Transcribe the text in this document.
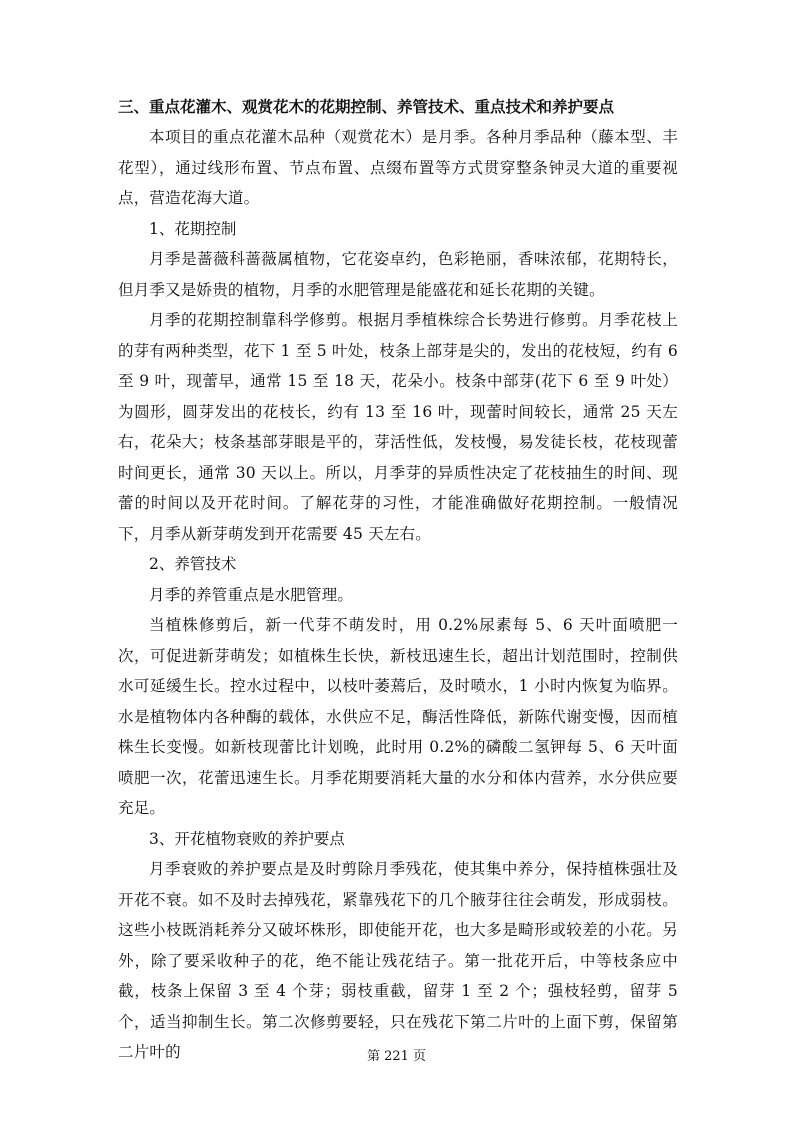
三、重点花灌木、观赏花木的花期控制、养管技术、重点技术和养护要点

本项目的重点花灌木品种（观赏花木）是月季。各种月季品种（藤本型、丰花型），通过线形布置、节点布置、点缀布置等方式贯穿整条钟灵大道的重要视点，营造花海大道。

1、花期控制

月季是蔷薇科蔷薇属植物，它花姿卓约，色彩艳丽，香味浓郁，花期特长，但月季又是娇贵的植物，月季的水肥管理是能盛花和延长花期的关键。

月季的花期控制靠科学修剪。根据月季植株综合长势进行修剪。月季花枝上的芽有两种类型，花下 1 至 5 叶处，枝条上部芽是尖的，发出的花枝短，约有 6 至 9 叶，现蕾早，通常 15 至 18 天，花朵小。枝条中部芽(花下 6 至 9 叶处）为圆形，圆芽发出的花枝长，约有 13 至 16 叶，现蕾时间较长，通常 25 天左右，花朵大；枝条基部芽眼是平的，芽活性低，发枝慢，易发徒长枝，花枝现蕾时间更长，通常 30 天以上。所以，月季芽的异质性决定了花枝抽生的时间、现蕾的时间以及开花时间。了解花芽的习性，才能准确做好花期控制。一般情况下，月季从新芽萌发到开花需要 45 天左右。

2、养管技术

月季的养管重点是水肥管理。

当植株修剪后，新一代芽不萌发时，用 0.2%尿素每 5、6 天叶面喷肥一次，可促进新芽萌发；如植株生长快，新枝迅速生长，超出计划范围时，控制供水可延缓生长。控水过程中，以枝叶萎蔫后，及时喷水，1 小时内恢复为临界。水是植物体内各种酶的载体，水供应不足，酶活性降低，新陈代谢变慢，因而植株生长变慢。如新枝现蕾比计划晚，此时用 0.2%的磷酸二氢钾每 5、6 天叶面喷肥一次，花蕾迅速生长。月季花期要消耗大量的水分和体内营养，水分供应要充足。

3、开花植物衰败的养护要点

月季衰败的养护要点是及时剪除月季残花，使其集中养分，保持植株强壮及开花不衰。如不及时去掉残花，紧靠残花下的几个腋芽往往会萌发，形成弱枝。这些小枝既消耗养分又破坏株形，即使能开花，也大多是畸形或较差的小花。另外，除了要采收种子的花，绝不能让残花结子。第一批花开后，中等枝条应中截，枝条上保留 3 至 4 个芽；弱枝重截，留芽 1 至 2 个；强枝轻剪，留芽 5 个，适当抑制生长。第二次修剪要轻，只在残花下第二片叶的上面下剪，保留第二片叶的	第 221 页
